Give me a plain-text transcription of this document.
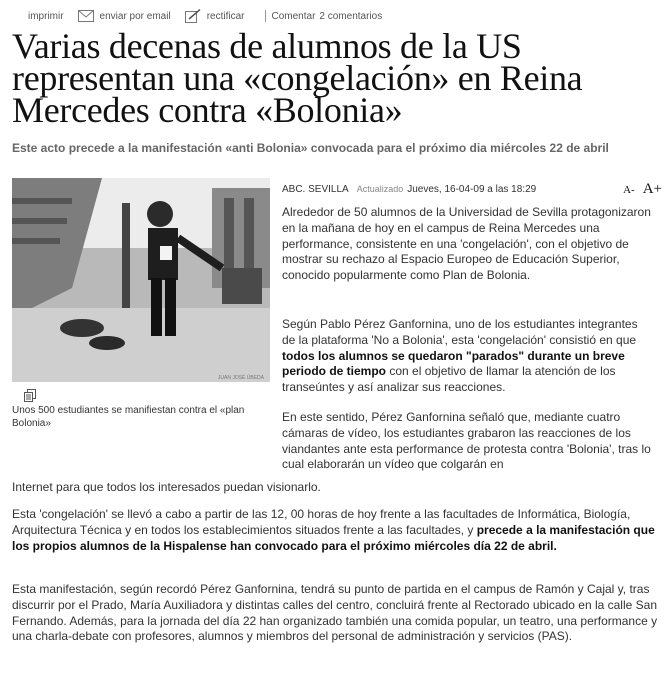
imprimir	enviar por email	rectificar	Comentar 2 comentarios
Varias decenas de alumnos de la US representan una «congelación» en Reina Mercedes contra «Bolonia»

Este acto precede a la manifestación «anti Bolonia» convocada para el próximo dia miércoles 22 de abril

JUAN JOSÉ ÚBEDA
Unos 500 estudiantes se manifiestan contra el «plan Bolonia»
ABC. SEVILLA Actualizado Jueves, 16-04-09 a las 18:29	A- A+

Alrededor de 50 alumnos de la Universidad de Sevilla protagonizaron en la mañana de hoy en el campus de Reina Mercedes una performance, consistente en una 'congelación', con el objetivo de mostrar su rechazo al Espacio Europeo de Educación Superior, conocido popularmente como Plan de Bolonia.

Según Pablo Pérez Ganfornina, uno de los estudiantes integrantes de la plataforma 'No a Bolonia', esta 'congelación' consistió en que todos los alumnos se quedaron "parados" durante un breve periodo de tiempo con el objetivo de llamar la atención de los transeúntes y así analizar sus reacciones.

En este sentido, Pérez Ganfornina señaló que, mediante cuatro cámaras de vídeo, los estudiantes grabaron las reacciones de los viandantes ante esta performance de protesta contra 'Bolonia', tras lo cual elaborarán un vídeo que colgarán en

Internet para que todos los interesados puedan visionarlo.

Esta 'congelación' se llevó a cabo a partir de las 12, 00 horas de hoy frente a las facultades de Informática, Biología, Arquitectura Técnica y en todos los establecimientos situados frente a las facultades, y precede a la manifestación que los propios alumnos de la Hispalense han convocado para el próximo miércoles día 22 de abril.

Esta manifestación, según recordó Pérez Ganfornina, tendrá su punto de partida en el campus de Ramón y Cajal y, tras discurrir por el Prado, María Auxiliadora y distintas calles del centro, concluirá frente al Rectorado ubicado en la calle San Fernando. Además, para la jornada del día 22 han organizado también una comida popular, un teatro, una performance y una charla-debate con profesores, alumnos y miembros del personal de administración y servicios (PAS).
